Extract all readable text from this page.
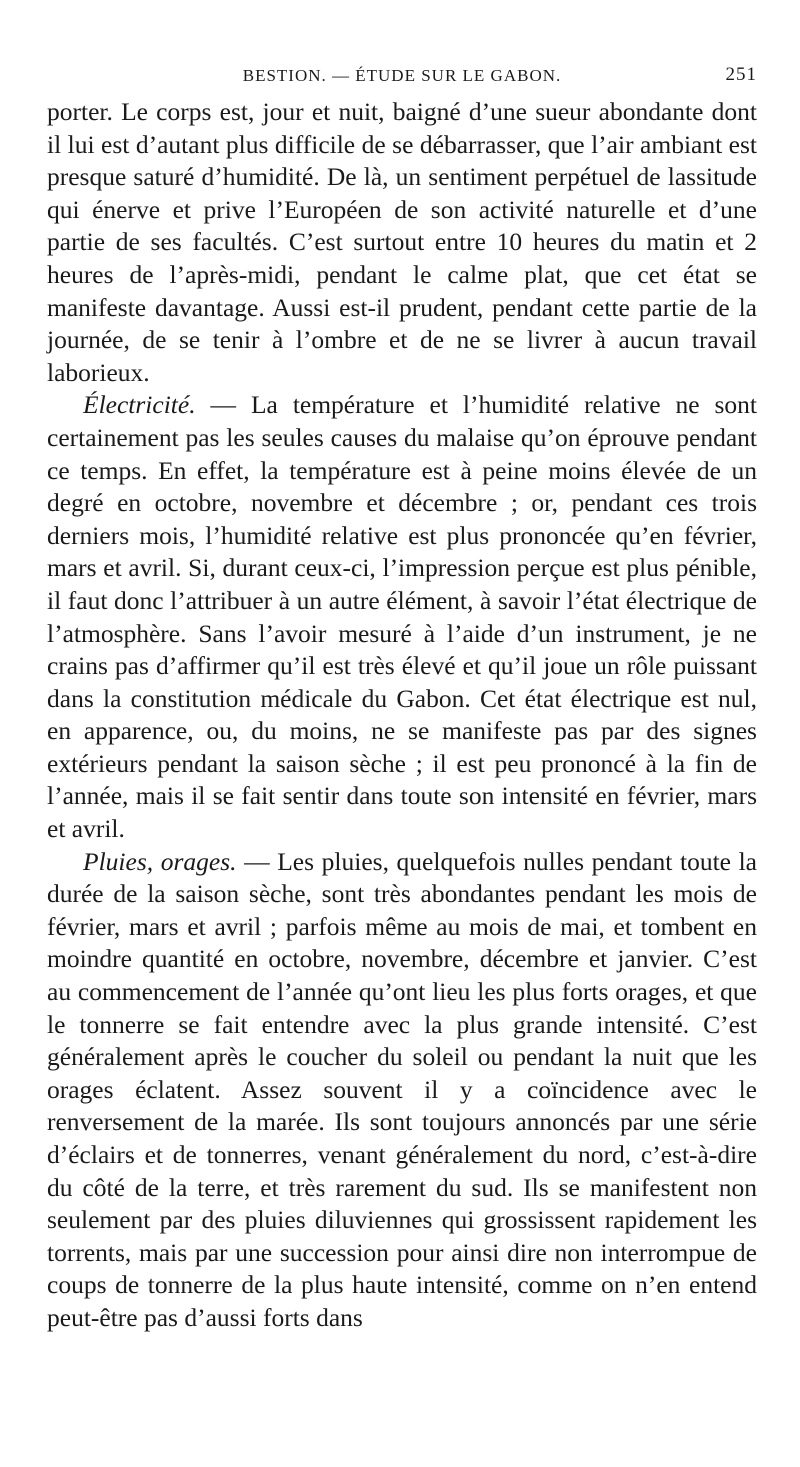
BESTION. — ÉTUDE SUR LE GABON.	251

porter. Le corps est, jour et nuit, baigné d’une sueur abondante dont il lui est d’autant plus difficile de se débarrasser, que l’air ambiant est presque saturé d’humidité. De là, un sentiment perpétuel de lassitude qui énerve et prive l’Européen de son activité naturelle et d’une partie de ses facultés. C’est surtout entre 10 heures du matin et 2 heures de l’après-midi, pendant le calme plat, que cet état se manifeste davantage. Aussi est-il prudent, pendant cette partie de la journée, de se tenir à l’ombre et de ne se livrer à aucun travail laborieux.

Électricité. — La température et l’humidité relative ne sont certainement pas les seules causes du malaise qu’on éprouve pendant ce temps. En effet, la température est à peine moins élevée de un degré en octobre, novembre et décembre ; or, pendant ces trois derniers mois, l’humidité relative est plus prononcée qu’en février, mars et avril. Si, durant ceux-ci, l’impression perçue est plus pénible, il faut donc l’attribuer à un autre élément, à savoir l’état électrique de l’atmosphère. Sans l’avoir mesuré à l’aide d’un instrument, je ne crains pas d’affirmer qu’il est très élevé et qu’il joue un rôle puissant dans la constitution médicale du Gabon. Cet état électrique est nul, en apparence, ou, du moins, ne se manifeste pas par des signes extérieurs pendant la saison sèche ; il est peu prononcé à la fin de l’année, mais il se fait sentir dans toute son intensité en février, mars et avril.

Pluies, orages. — Les pluies, quelquefois nulles pendant toute la durée de la saison sèche, sont très abondantes pendant les mois de février, mars et avril ; parfois même au mois de mai, et tombent en moindre quantité en octobre, novembre, décembre et janvier. C’est au commencement de l’année qu’ont lieu les plus forts orages, et que le tonnerre se fait entendre avec la plus grande intensité. C’est généralement après le coucher du soleil ou pendant la nuit que les orages éclatent. Assez souvent il y a coïncidence avec le renversement de la marée. Ils sont toujours annoncés par une série d’éclairs et de tonnerres, venant généralement du nord, c’est-à-dire du côté de la terre, et très rarement du sud. Ils se manifestent non seulement par des pluies diluviennes qui grossissent rapidement les torrents, mais par une succession pour ainsi dire non interrompue de coups de tonnerre de la plus haute intensité, comme on n’en entend peut-être pas d’aussi forts dans
